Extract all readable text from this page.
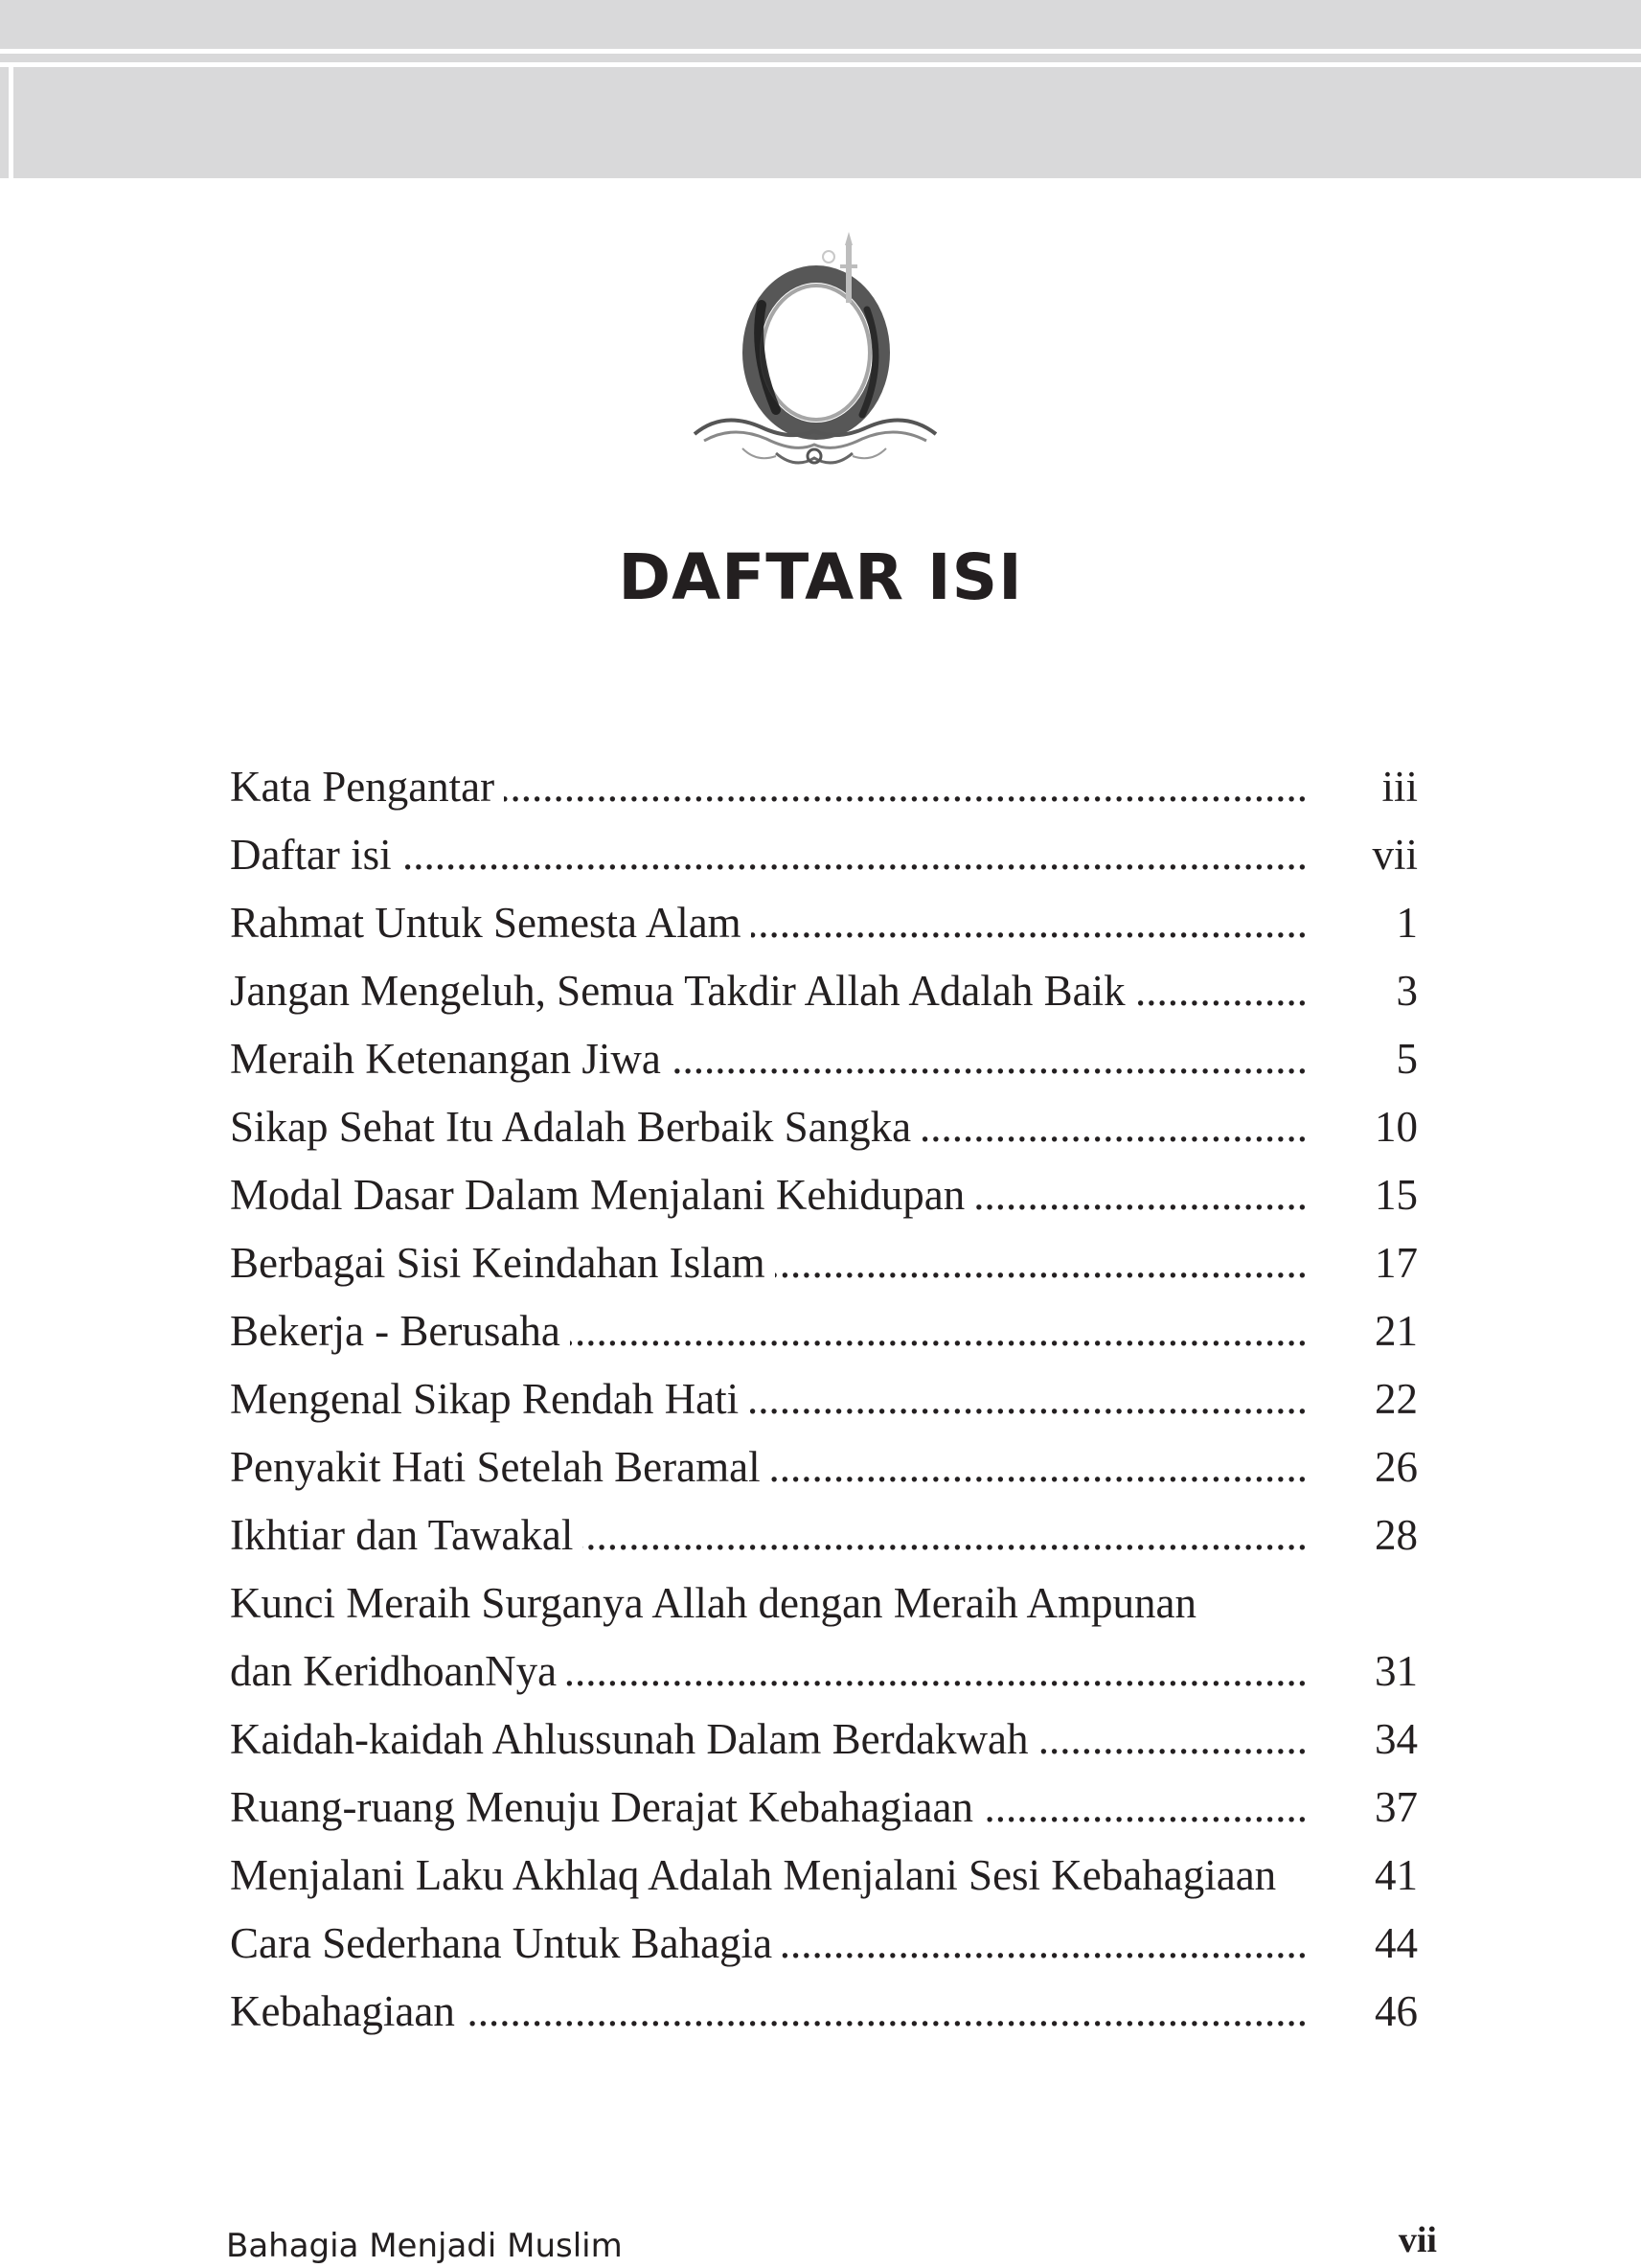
DAFTAR ISI
Kata Pengantar .....	iii
Daftar isi .....	vii
Rahmat Untuk Semesta Alam .....	1
Jangan Mengeluh, Semua Takdir Allah Adalah Baik .....	3
Meraih Ketenangan Jiwa .....	5
Sikap Sehat Itu Adalah Berbaik Sangka .....	10
Modal Dasar Dalam Menjalani Kehidupan .....	15
Berbagai Sisi Keindahan Islam .....	17
Bekerja - Berusaha .....	21
Mengenal Sikap Rendah Hati .....	22
Penyakit Hati Setelah Beramal .....	26
Ikhtiar dan Tawakal .....	28
Kunci Meraih Surganya Allah dengan Meraih Ampunan
dan KeridhoanNya .....	31
Kaidah-kaidah Ahlussunah Dalam Berdakwah .....	34
Ruang-ruang Menuju Derajat Kebahagiaan .....	37
Menjalani Laku Akhlaq Adalah Menjalani Sesi Kebahagiaan	41
Cara Sederhana Untuk Bahagia .....	44
Kebahagiaan .....	46
Bahagia Menjadi Muslim	vii
